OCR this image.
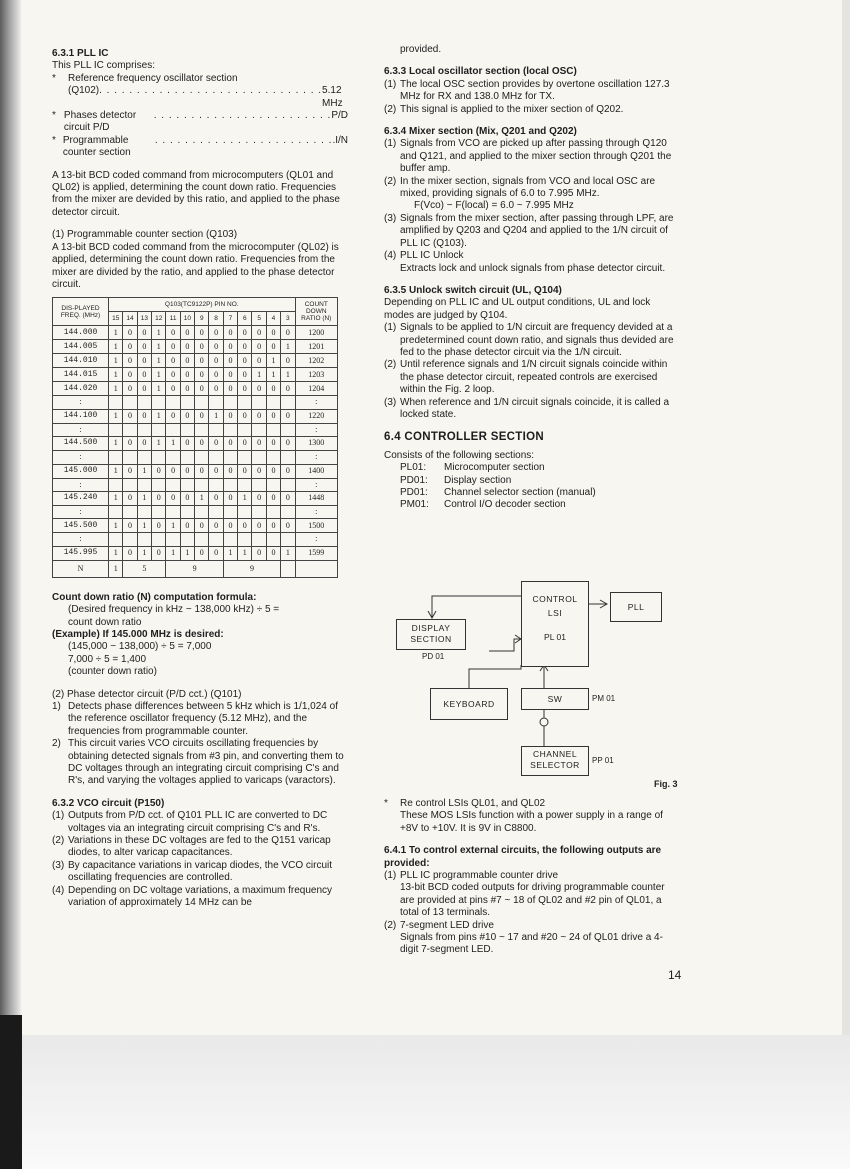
6.3.1 PLL IC

This PLL IC comprises:

*	Reference frequency oscillator section
(Q102) . . . . . . . . . . . . . . . . . . . . . . . . . . . . . . 5.12 MHz
* Phases detector circuit P/D
. . . . . . . . . . . . . . . . . . . . . . . . P/D
* Programmable counter section
. . . . . . . . . . . . . . . . . . . . . . . . .I/N

A 13-bit BCD coded command from microcomputers (QL01 and QL02) is applied, determining the count down ratio. Frequencies from the mixer are devided by this ratio, and applied to the phase detector circuit.

(1) Programmable counter section (Q103)

A 13-bit BCD coded command from the microcomputer (QL02) is applied, determining the count down ratio. Frequencies from the mixer are divided by the ratio, and applied to the phase detector circuit.

DIS-PLAYED FREQ. (MHz)	Q103(TC9122P) PIN NO.													COUNT DOWN RATIO (N)
	15	14	13	12	11	10	9	8	7	6	5	4	3	
144.000	1	0	0	1	0	0	0	0	0	0	0	0	0	1200
144.005	1	0	0	1	0	0	0	0	0	0	0	0	1	1201
144.010	1	0	0	1	0	0	0	0	0	0	0	1	0	1202
144.015	1	0	0	1	0	0	0	0	0	0	1	1	1	1203
144.020	1	0	0	1	0	0	0	0	0	0	0	0	0	1204
:														:
144.100	1	0	0	1	0	0	0	1	0	0	0	0	0	1220
:														:
144.500	1	0	0	1	1	0	0	0	0	0	0	0	0	1300
:														:
145.000	1	0	1	0	0	0	0	0	0	0	0	0	0	1400
:														:
145.240	1	0	1	0	0	0	1	0	0	1	0	0	0	1448
:														:
145.500	1	0	1	0	1	0	0	0	0	0	0	0	0	1500
:														:
145.995	1	0	1	0	1	1	0	0	1	1	0	0	1	1599
N	1	5			9				9					

Count down ratio (N) computation formula:

(Desired frequency in kHz − 138,000 kHz) ÷ 5 =

count down ratio

(Example) If 145.000 MHz is desired:

(145,000 − 138,000) ÷ 5 = 7,000

7,000 ÷ 5 = 1,400

(counter down ratio)

(2) Phase detector circuit (P/D cct.) (Q101)

1) Detects phase differences between 5 kHz which is 1/1,024 of the reference oscillator frequency (5.12 MHz), and the frequencies from programmable counter.
2) This circuit varies VCO circuits oscillating frequencies by obtaining detected signals from #3 pin, and converting them to DC voltages through an integrating circuit comprising C's and R's, and varying the voltages applied to varicaps (varactors).

6.3.2 VCO circuit (P150)

(1) Outputs from P/D cct. of Q101 PLL IC are converted to DC voltages via an integrating circuit comprising C's and R's.
(2) Variations in these DC voltages are fed to the Q151 varicap diodes, to alter varicap capacitances.
(3) By capacitance variations in varicap diodes, the VCO circuit oscillating frequencies are controlled.
(4) Depending on DC voltage variations, a maximum frequency variation of approximately 14 MHz can be

provided.

6.3.3 Local oscillator section (local OSC)

(1) The local OSC section provides by overtone oscillation 127.3 MHz for RX and 138.0 MHz for TX.
(2) This signal is applied to the mixer section of Q202.

6.3.4 Mixer section (Mix, Q201 and Q202)

(1) Signals from VCO are picked up after passing through Q120 and Q121, and applied to the mixer section through Q201 the buffer amp.
(2) In the mixer section, signals from VCO and local OSC are mixed, providing signals of 6.0 to 7.995 MHz.

F(Vco) − F(local) = 6.0 ~ 7.995 MHz

(3) Signals from the mixer section, after passing through LPF, are amplified by Q203 and Q204 and applied to the 1/N circuit of PLL IC (Q103).
(4) PLL IC Unlock
Extracts lock and unlock signals from phase detector circuit.

6.3.5 Unlock switch circuit (UL, Q104)

Depending on PLL IC and UL output conditions, UL and lock modes are judged by Q104.

(1) Signals to be applied to 1/N circuit are frequency devided at a predetermined count down ratio, and signals thus devided are fed to the phase detector circuit via the 1/N circuit.
(2) Until reference signals and 1/N circuit signals coincide within the phase detector circuit, repeated controls are exercised within the Fig. 2 loop.
(3) When reference and 1/N circuit signals coincide, it is called a locked state.

6.4 CONTROLLER SECTION

Consists of the following sections:

PL01:	Microcomputer section
PD01:	Display section
PD01:	Channel selector section (manual)
PM01:	Control I/O decoder section
CONTROL
LSI
PL 01
PLL
DISPLAY
SECTION
PD 01
KEYBOARD	SW	PM 01
CHANNEL
SELECTOR	PP 01
Fig. 3
*	Re control LSIs QL01, and QL02
These MOS LSIs function with a power supply in a range of +8V to +10V. It is 9V in C8800.
6.4.1 To control external circuits, the following outputs are provided:
(1) PLL IC programmable counter drive
13-bit BCD coded outputs for driving programmable counter are provided at pins #7 ~ 18 of QL02 and #2 pin of QL01, a total of 13 terminals.
(2) 7-segment LED drive
Signals from pins #10 ~ 17 and #20 ~ 24 of QL01 drive a 4-digit 7-segment LED.
14
